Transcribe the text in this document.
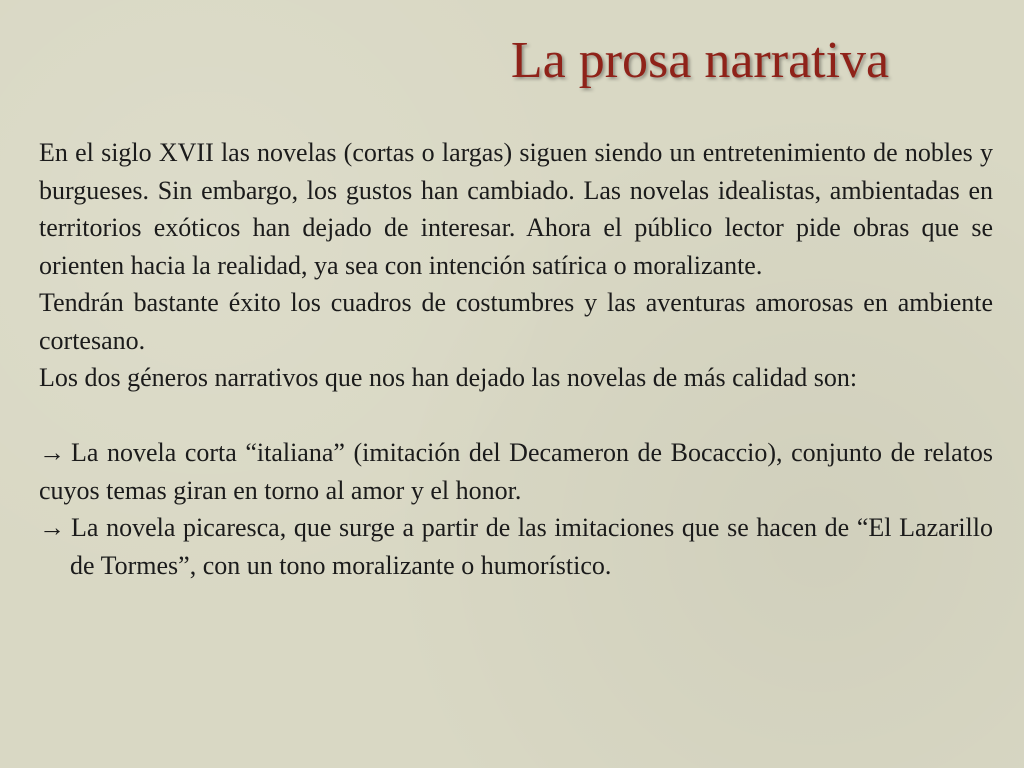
La prosa narrativa

En el siglo XVII las novelas (cortas o largas) siguen siendo un entretenimiento de nobles y burgueses. Sin embargo, los gustos han cambiado. Las novelas idealistas, ambientadas en territorios exóticos han dejado de interesar. Ahora el público lector pide obras que se orienten hacia la realidad, ya sea con intención satírica o moralizante.

Tendrán bastante éxito los cuadros de costumbres y las aventuras amorosas en ambiente cortesano.

Los dos géneros narrativos que nos han dejado las novelas de más calidad son:

→ La novela corta “italiana” (imitación del Decameron de Bocaccio), conjunto de relatos cuyos temas giran en torno al amor y el honor.

→ La novela picaresca, que surge a partir de las imitaciones que se hacen de “El Lazarillo de Tormes”, con un tono moralizante o humorístico.
